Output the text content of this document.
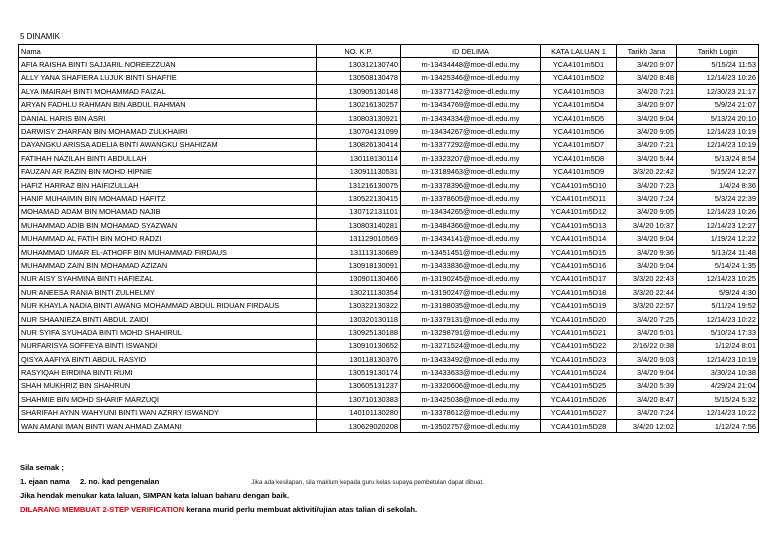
5 DINAMIK
Nama	NO. K.P.	ID DELIMA	KATA LALUAN 1	Tarikh Jana	Tarikh Login
AFIA RAISHA BINTI SAJJARIL NOREEZZUAN	130312130740	m-13434448@moe-dl.edu.my	YCA4101m5D1	3/4/20 9:07	5/15/24 11:53
ALLY YANA SHAFIERA LUJUK BINTI SHAFI'IE	130508130478	m-13425346@moe-dl.edu.my	YCA4101m5D2	3/4/20 8:48	12/14/23 10:26
ALYA IMAIRAH BINTI MOHAMMAD FAIZAL	130905130148	m-13377142@moe-dl.edu.my	YCA4101m5D3	3/4/20 7:21	12/30/23 21:17
ARYAN FADHLU RAHMAN BIN ABDUL RAHMAN	130216130257	m-13434769@moe-dl.edu.my	YCA4101m5D4	3/4/20 9:07	5/9/24 21:07
DANIAL HARIS BIN ASRI	130803130921	m-13434334@moe-dl.edu.my	YCA4101m5D5	3/4/20 9:04	5/13/24 20:10
DARWISY ZHARFAN BIN MOHAMAD ZULKHAIRI	130704131099	m-13434267@moe-dl.edu.my	YCA4101m5D6	3/4/20 9:05	12/14/23 10:19
DAYANGKU ARISSA ADELIA BINTI AWANGKU SHAHIZAM	130826130414	m-13377292@moe-dl.edu.my	YCA4101m5D7	3/4/20 7:21	12/14/23 10:19
FATIHAH NAZILAH BINTI ABDULLAH	130118130114	m-13323207@moe-dl.edu.my	YCA4101m5D8	3/4/20 5:44	5/13/24 8:54
FAUZAN AR RAZIN BIN MOHD HIPNIE	130911130531	m-13189463@moe-dl.edu.my	YCA4101m5D9	3/3/20 22:42	5/15/24 12:27
HAFIZ HARRAZ BIN HAIFIZULLAH	131216130075	m-13378396@moe-dl.edu.my	YCA4101m5D10	3/4/20 7:23	1/4/24 8:36
HANIF MUHAIMIN BIN MOHAMAD HAFITZ	130522130415	m-13378605@moe-dl.edu.my	YCA4101m5D11	3/4/20 7:24	5/3/24 22:39
MOHAMAD ADAM BIN MOHAMAD NAJIB	130712131101	m-13434265@moe-dl.edu.my	YCA4101m5D12	3/4/20 9:05	12/14/23 10:26
MUHAMMAD ADIB BIN MOHAMAD SYAZWAN	130803140281	m-13484366@moe-dl.edu.my	YCA4101m5D13	3/4/20 10:37	12/14/23 12:27
MUHAMMAD AL FATIH BIN MOHD RADZI	131129010569	m-13434141@moe-dl.edu.my	YCA4101m5D14	3/4/20 9:04	1/19/24 12:22
MUHAMMAD UMAR EL-ATHOFF BIN MUHAMMAD FIRDAUS	131113130689	m-13451451@moe-dl.edu.my	YCA4101m5D15	3/4/20 9:36	5/13/24 11:48
MUHAMMAD ZAIN BIN MOHAMAD AZIZAN	130918130091	m-13433836@moe-dl.edu.my	YCA4101m5D16	3/4/20 9:04	5/14/24 1:35
NUR AISY SYAHMINA BINTI HAFIEZAL	130901130466	m-13190245@moe-dl.edu.my	YCA4101m5D17	3/3/20 22:43	12/14/23 10:25
NUR ANEESA RANIA BINTI ZULHELMY	130211130354	m-13190247@moe-dl.edu.my	YCA4101m5D18	3/3/20 22:44	5/9/24 4:30
NUR KHAYLA NADIA BINTI AWANG MOHAMMAD ABDUL RIDUAN FIRDAUS	130322130322	m-13198035@moe-dl.edu.my	YCA4101m5D19	3/3/20 22:57	5/11/24 19:52
NUR SHAANIEZA BINTI ABDUL ZAIDI	130320130118	m-13379131@moe-dl.edu.my	YCA4101m5D20	3/4/20 7:25	12/14/23 10:22
NUR SYIFA SYUHADA BINTI MOHD SHAHIRUL	130925130188	m-13298791@moe-dl.edu.my	YCA4101m5D21	3/4/20 5:01	5/10/24 17:33
NURFARISYA SOFFEYA BINTI ISWANDI	130910130652	m-13271524@moe-dl.edu.my	YCA4101m5D22	2/16/22 0:38	1/12/24 8:01
QISYA AAFIYA BINTI ABDUL RASYID	130118130376	m-13433492@moe-dl.edu.my	YCA4101m5D23	3/4/20 9:03	12/14/23 10:19
RASYIQAH EIRDINA BINTI RUMI	130519130174	m-13433633@moe-dl.edu.my	YCA4101m5D24	3/4/20 9:04	3/30/24 10:38
SHAH MUKHRIZ BIN SHAHRUN	130605131237	m-13320606@moe-dl.edu.my	YCA4101m5D25	3/4/20 5:39	4/29/24 21:04
SHAHMIE BIN MOHD SHARIF MARZUQI	130710130383	m-13425038@moe-dl.edu.my	YCA4101m5D26	3/4/20 8:47	5/15/24 5:32
SHARIFAH AYNN WAHYUNI BINTI WAN AZRRY ISWANDY	140101130280	m-13378612@moe-dl.edu.my	YCA4101m5D27	3/4/20 7:24	12/14/23 10:22
WAN AMANI IMAN BINTI WAN AHMAD ZAMANI	130629020208	m-13502757@moe-dl.edu.my	YCA4101m5D28	3/4/20 12:02	1/12/24 7:56
Sila semak ;
1. ejaan nama 2. no. kad pengenalan	Jika ada kesilapan, sila maklum kepada guru kelas supaya pembetulan dapat dibuat.
Jika hendak menukar kata laluan, SIMPAN kata laluan baharu dengan baik.
DILARANG MEMBUAT 2-STEP VERIFICATION kerana murid perlu membuat aktiviti/ujian atas talian di sekolah.
